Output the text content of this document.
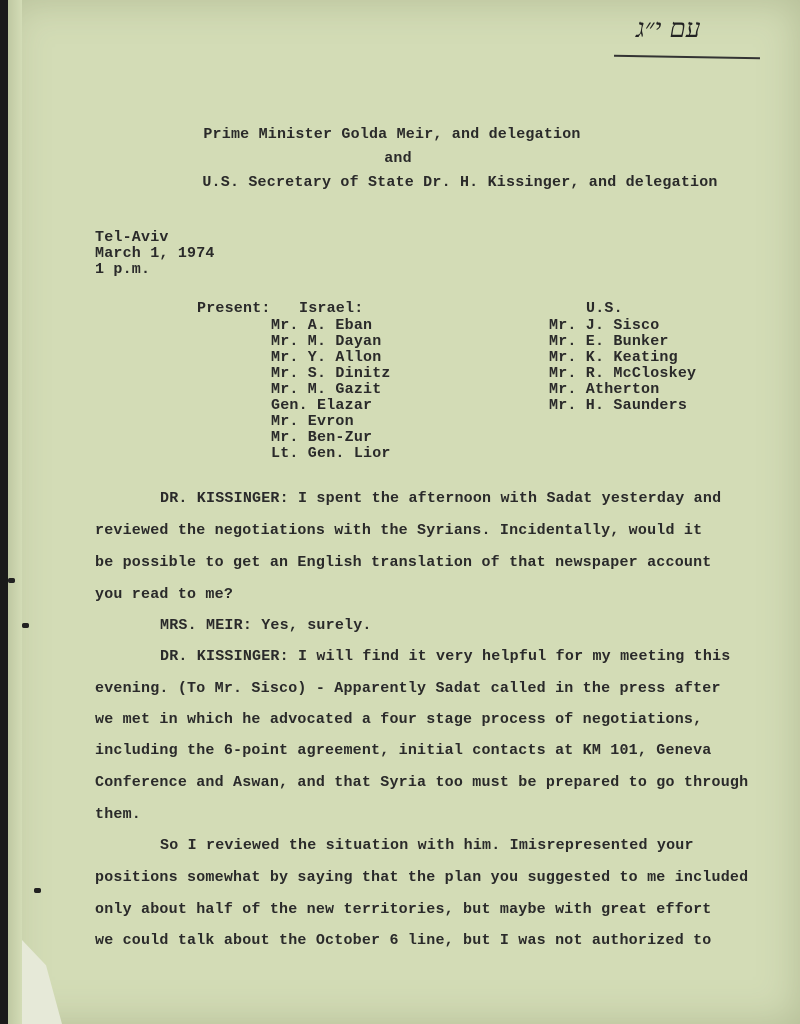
עם י״ג
Prime Minister Golda Meir, and delegation
and
U.S. Secretary of State Dr. H. Kissinger, and delegation
Tel-Aviv
March 1, 1974
1 p.m.
Present: Israel:	U.S.
Mr. A. Eban
Mr. M. Dayan
Mr. Y. Allon
Mr. S. Dinitz
Mr. M. Gazit
Gen. Elazar
Mr. Evron
Mr. Ben-Zur
Lt. Gen. Lior
Mr. J. Sisco
Mr. E. Bunker
Mr. K. Keating
Mr. R. McCloskey
Mr. Atherton
Mr. H. Saunders
DR. KISSINGER: I spent the afternoon with Sadat yesterday and
reviewed the negotiations with the Syrians. Incidentally, would it
be possible to get an English translation of that newspaper account
you read to me?
MRS. MEIR: Yes, surely.
DR. KISSINGER: I will find it very helpful for my meeting this
evening. (To Mr. Sisco) - Apparently Sadat called in the press after
we met in which he advocated a four stage process of negotiations,
including the 6-point agreement, initial contacts at KM 101, Geneva
Conference and Aswan, and that Syria too must be prepared to go through
them.
So I reviewed the situation with him. Imisrepresented your
positions somewhat by saying that the plan you suggested to me included
only about half of the new territories, but maybe with great effort
we could talk about the October 6 line, but I was not authorized to
